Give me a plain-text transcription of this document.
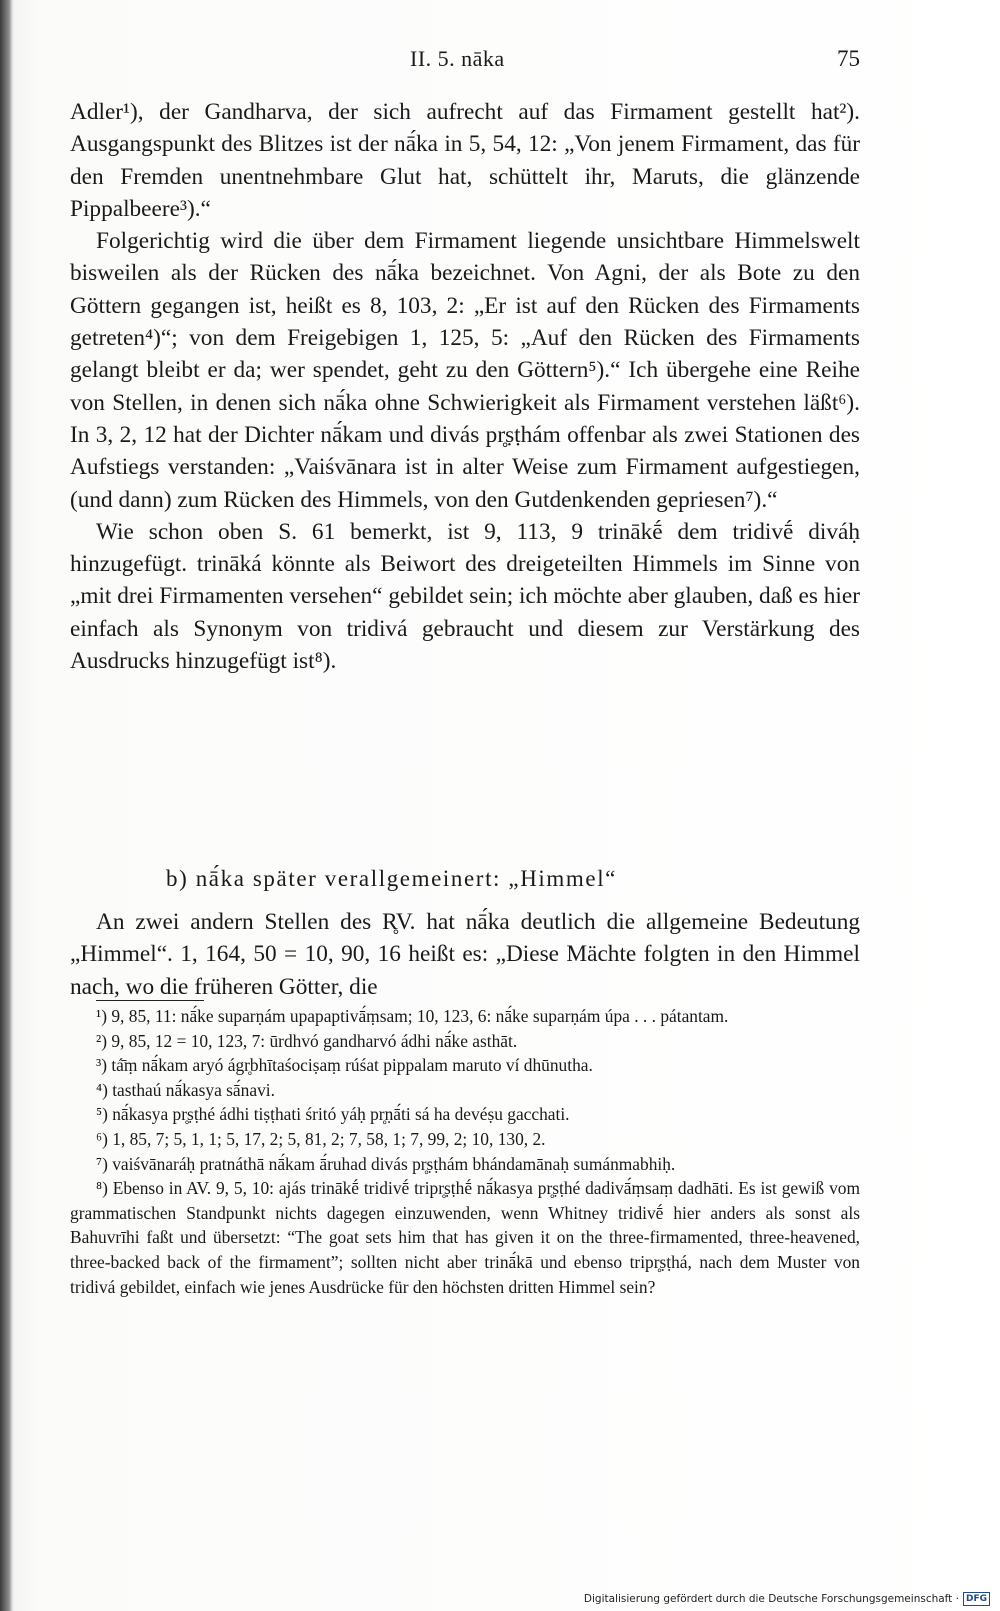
II. 5. nāka	75

Adler¹), der Gandharva, der sich aufrecht auf das Firmament gestellt hat²). Ausgangspunkt des Blitzes ist der nā́ka in 5, 54, 12: „Von jenem Firmament, das für den Fremden unentnehmbare Glut hat, schüttelt ihr, Maruts, die glänzende Pippalbeere³).“

Folgerichtig wird die über dem Firmament liegende unsichtbare Himmelswelt bisweilen als der Rücken des nā́ka bezeichnet. Von Agni, der als Bote zu den Göttern gegangen ist, heißt es 8, 103, 2: „Er ist auf den Rücken des Firmaments getreten⁴)“; von dem Freigebigen 1, 125, 5: „Auf den Rücken des Firmaments gelangt bleibt er da; wer spendet, geht zu den Göttern⁵).“ Ich übergehe eine Reihe von Stellen, in denen sich nā́ka ohne Schwierigkeit als Firmament verstehen läßt⁶). In 3, 2, 12 hat der Dichter nā́kam und divás pr̥ṣṭhám offenbar als zwei Stationen des Aufstiegs verstanden: „Vaiśvānara ist in alter Weise zum Firmament aufgestiegen, (und dann) zum Rücken des Himmels, von den Gutdenkenden gepriesen⁷).“

Wie schon oben S. 61 bemerkt, ist 9, 113, 9 trinākḗ dem tridivḗ diváḥ hinzugefügt. trināká könnte als Beiwort des dreigeteilten Himmels im Sinne von „mit drei Firmamenten versehen“ gebildet sein; ich möchte aber glauben, daß es hier einfach als Synonym von tridivá gebraucht und diesem zur Verstärkung des Ausdrucks hinzugefügt ist⁸).

b) nā́ka später verallgemeinert: „Himmel“

An zwei andern Stellen des R̥V. hat nā́ka deutlich die allgemeine Bedeutung „Himmel“. 1, 164, 50 = 10, 90, 16 heißt es: „Diese Mächte folgten in den Himmel nach, wo die früheren Götter, die

¹) 9, 85, 11: nā́ke suparṇám upapaptivā́ṃsam; 10, 123, 6: nā́ke suparṇám úpa . . . pátantam.

²) 9, 85, 12 = 10, 123, 7: ūrdhvó gandharvó ádhi nā́ke asthāt.

³) tá̄ṃ nā́kam aryó ágr̥bhītaśociṣaṃ rúśat pippalam maruto ví dhūnutha.

⁴) tasthaú nā́kasya sā́navi.

⁵) nā́kasya pr̥ṣṭhé ádhi tiṣṭhati śritó yáḥ pr̥ṇā́ti sá ha devéṣu gacchati.

⁶) 1, 85, 7; 5, 1, 1; 5, 17, 2; 5, 81, 2; 7, 58, 1; 7, 99, 2; 10, 130, 2.

⁷) vaiśvānaráḥ pratnáthā nā́kam ā́ruhad divás pr̥ṣṭhám bhándamānaḥ sumánmabhiḥ.

⁸) Ebenso in AV. 9, 5, 10: ajás trinākḗ tridivḗ tripr̥ṣṭhḗ nā́kasya pr̥ṣṭhé dadivā́ṃsaṃ dadhāti. Es ist gewiß vom grammatischen Standpunkt nichts dagegen einzuwenden, wenn Whitney tridivḗ hier anders als sonst als Bahuvrīhi faßt und übersetzt: “The goat sets him that has given it on the three-firmamented, three-heavened, three-backed back of the firmament”; sollten nicht aber trinā́kā und ebenso tripr̥ṣṭhá, nach dem Muster von tridivá gebildet, einfach wie jenes Ausdrücke für den höchsten dritten Himmel sein?

Digitalisierung gefördert durch die Deutsche Forschungsgemeinschaft · DFG
